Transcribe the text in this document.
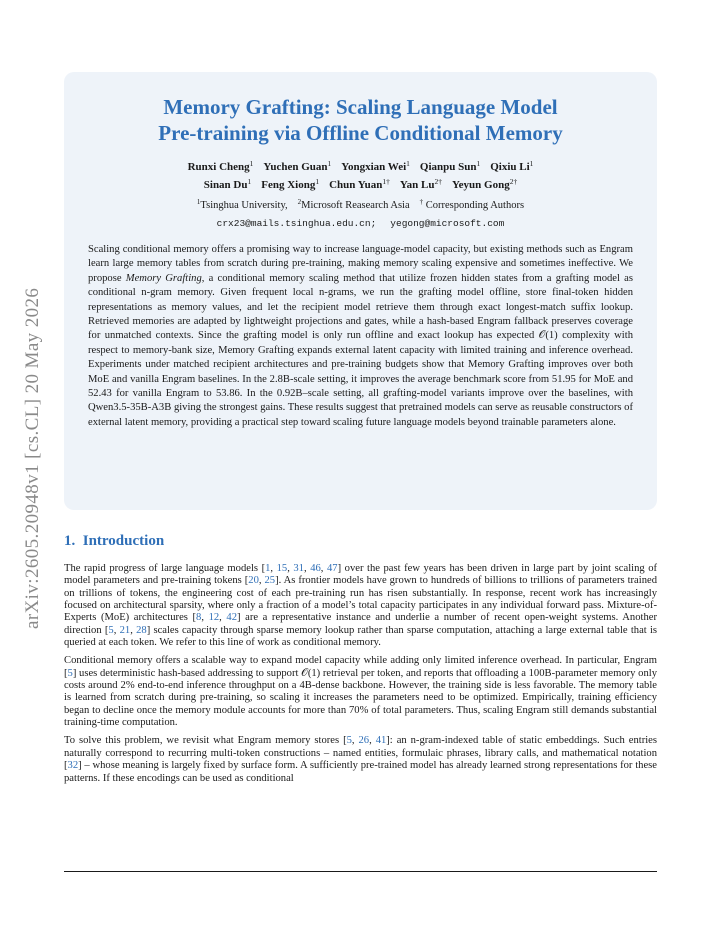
arXiv:2605.20948v1 [cs.CL] 20 May 2026
Memory Grafting: Scaling Language Model
Pre-training via Offline Conditional Memory
Runxi Cheng$^1$ Yuchen Guan$^1$ Yongxian Wei$^1$ Qianpu Sun$^1$ Qixiu Li$^1$
Sinan Du$^1$ Feng Xiong$^1$ Chun Yuan$^{1\dagger}$ Yan $Lu^{2\dagger}$ Yeyun Gong$^{2\dagger}$
$^1$Tsinghua University, $^2$Microsoft Reasearch Asia † Corresponding Authors
crx23@mails.tsinghua.edu.cn; yegong@microsoft.com
Scaling conditional memory offers a promising way to increase language-model capacity, but existing methods such as Engram learn large memory tables from scratch during pre-training, making memory scaling expensive and sometimes ineffective. We propose Memory Grafting, a conditional memory scaling method that utilize frozen hidden states from a grafting model as conditional n-gram memory. Given frequent local n-grams, we run the grafting model offline, store final-token hidden representations as memory values, and let the recipient model retrieve them through exact longest-match suffix lookup. Retrieved memories are adapted by lightweight projections and gates, while a hash-based Engram fallback preserves coverage for unmatched contexts. Since the grafting model is only run offline and exact lookup has expected 𝒪(1) complexity with respect to memory-bank size, Memory Grafting expands external latent capacity with limited training and inference overhead. Experiments under matched recipient architectures and pre-training budgets show that Memory Grafting improves over both MoE and vanilla Engram baselines. In the 2.8B-scale setting, it improves the average benchmark score from 51.95 for MoE and 52.43 for vanilla Engram to 53.86. In the 0.92B–scale setting, all grafting-model variants improve over the baselines, with Qwen3.5-35B-A3B giving the strongest gains. These results suggest that pretrained models can serve as reusable constructors of external latent memory, providing a practical step toward scaling future language models beyond trainable parameters alone.
1. Introduction

The rapid progress of large language models [1, 15, 31, 46, 47] over the past few years has been driven in large part by joint scaling of model parameters and pre-training tokens [20, 25]. As frontier models have grown to hundreds of billions to trillions of parameters trained on trillions of tokens, the engineering cost of each pre-training run has risen substantially. In response, recent work has increasingly focused on architectural sparsity, where only a fraction of a model’s total capacity participates in any individual forward pass. Mixture-of-Experts (MoE) architectures [8, 12, 42] are a representative instance and underlie a number of recent open-weight systems. Another direction [5, 21, 28] scales capacity through sparse memory lookup rather than sparse computation, attaching a large external table that is queried at each token. We refer to this line of work as conditional memory.

Conditional memory offers a scalable way to expand model capacity while adding only limited inference overhead. In particular, Engram [5] uses deterministic hash-based addressing to support 𝒪(1) retrieval per token, and reports that offloading a 100B-parameter memory only costs around 2% end-to-end inference throughput on a 4B-dense backbone. However, the training side is less favorable. The memory table is learned from scratch during pre-training, so scaling it increases the parameters need to be optimized. Empirically, training efficiency began to decline once the memory module accounts for more than 70% of total parameters. Thus, scaling Engram still demands substantial training-time computation.

To solve this problem, we revisit what Engram memory stores [5, 26, 41]: an n-gram-indexed table of static embeddings. Such entries naturally correspond to recurring multi-token constructions – named entities, formulaic phrases, library calls, and mathematical notation [32] – whose meaning is largely fixed by surface form. A sufficiently pre-trained model has already learned strong representations for these patterns. If these encodings can be used as conditional
